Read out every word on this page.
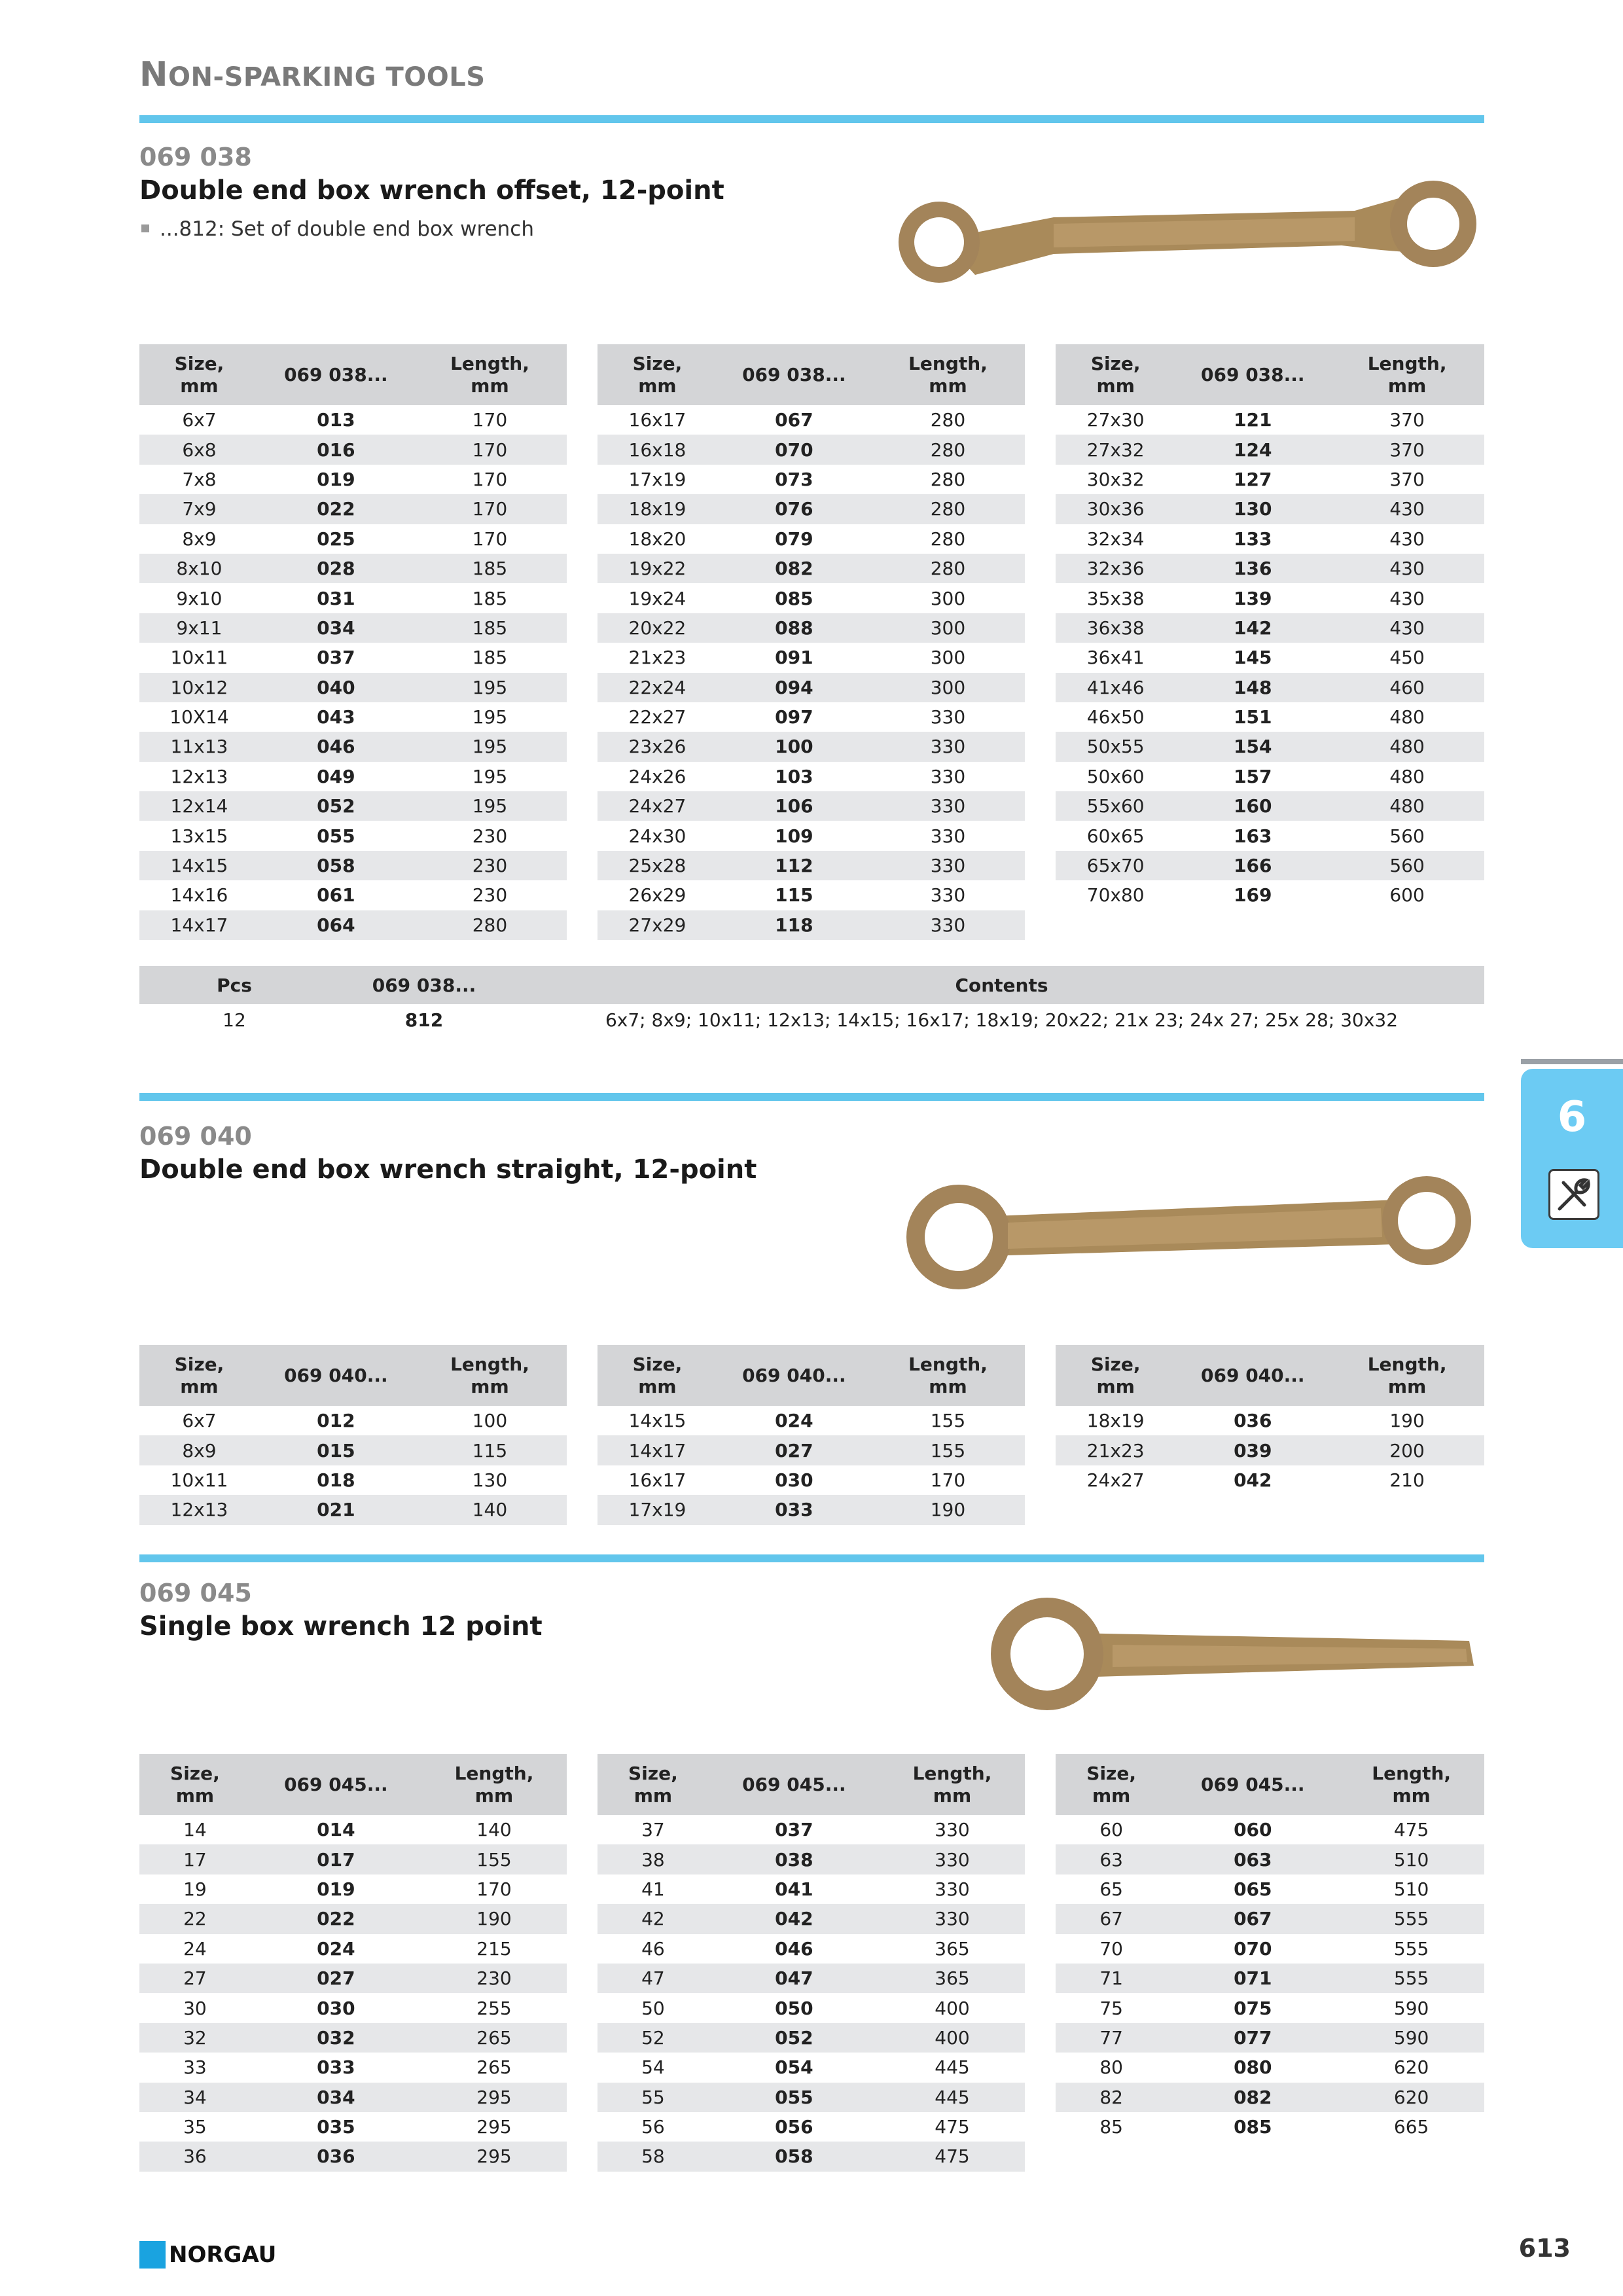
NON-SPARKING TOOLS
069 038
Double end box wrench offset, 12-point
...812: Set of double end box wrench
Size,
mm	069 038...	Length,
mm
6x7	013	170
6x8	016	170
7x8	019	170
7x9	022	170
8x9	025	170
8x10	028	185
9x10	031	185
9x11	034	185
10x11	037	185
10x12	040	195
10X14	043	195
11x13	046	195
12x13	049	195
12x14	052	195
13x15	055	230
14x15	058	230
14x16	061	230
14x17	064	280
Size,
mm	069 038...	Length,
mm
16x17	067	280
16x18	070	280
17x19	073	280
18x19	076	280
18x20	079	280
19x22	082	280
19x24	085	300
20x22	088	300
21x23	091	300
22x24	094	300
22x27	097	330
23x26	100	330
24x26	103	330
24x27	106	330
24x30	109	330
25x28	112	330
26x29	115	330
27x29	118	330
Size,
mm	069 038...	Length,
mm
27x30	121	370
27x32	124	370
30x32	127	370
30x36	130	430
32x34	133	430
32x36	136	430
35x38	139	430
36x38	142	430
36x41	145	450
41x46	148	460
46x50	151	480
50x55	154	480
50x60	157	480
55x60	160	480
60x65	163	560
65x70	166	560
70x80	169	600
Pcs	069 038...	Contents
12	812	6x7; 8x9; 10x11; 12x13; 14x15; 16x17; 18x19; 20x22; 21x 23; 24x 27; 25x 28; 30x32
069 040
Double end box wrench straight, 12-point
Size,
mm	069 040...	Length,
mm
6x7	012	100
8x9	015	115
10x11	018	130
12x13	021	140
Size,
mm	069 040...	Length,
mm
14x15	024	155
14x17	027	155
16x17	030	170
17x19	033	190
Size,
mm	069 040...	Length,
mm
18x19	036	190
21x23	039	200
24x27	042	210
069 045
Single box wrench 12 point
Size,
mm	069 045...	Length,
mm
14	014	140
17	017	155
19	019	170
22	022	190
24	024	215
27	027	230
30	030	255
32	032	265
33	033	265
34	034	295
35	035	295
36	036	295
Size,
mm	069 045...	Length,
mm
37	037	330
38	038	330
41	041	330
42	042	330
46	046	365
47	047	365
50	050	400
52	052	400
54	054	445
55	055	445
56	056	475
58	058	475
Size,
mm	069 045...	Length,
mm
60	060	475
63	063	510
65	065	510
67	067	555
70	070	555
71	071	555
75	075	590
77	077	590
80	080	620
82	082	620
85	085	665
6
NORGAU	613
